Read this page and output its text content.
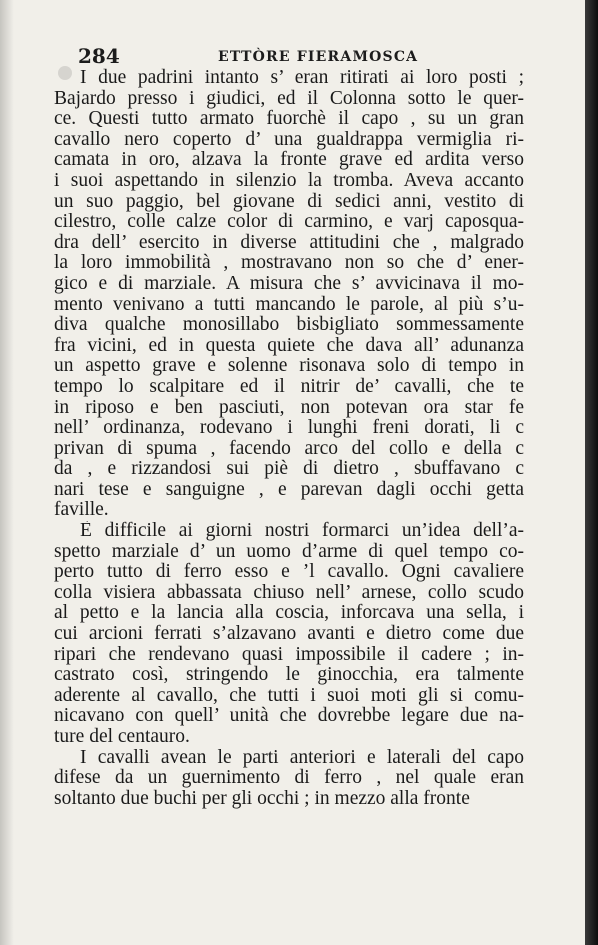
284	ETTÒRE FIERAMOSCA
I due padrini intanto s’ eran ritirati ai loro posti ;
Bajardo presso i giudici, ed il Colonna sotto le quer-
ce. Questi tutto armato fuorchè il capo , su un gran
cavallo nero coperto d’ una gualdrappa vermiglia ri-
camata in oro, alzava la fronte grave ed ardita verso
i suoi aspettando in silenzio la tromba. Aveva accanto
un suo paggio, bel giovane di sedici anni, vestito di
cilestro, colle calze color di carmino, e varj caposqua-
dra dell’ esercito in diverse attitudini che , malgrado
la loro immobilità , mostravano non so che d’ ener-
gico e di marziale. A misura che s’ avvicinava il mo-
mento venivano a tutti mancando le parole, al più s’u-
diva qualche monosillabo bisbigliato sommessamente
fra vicini, ed in questa quiete che dava all’ adunanza
un aspetto grave e solenne risonava solo di tempo in
tempo lo scalpitare ed il nitrir de’ cavalli, che te
in riposo e ben pasciuti, non potevan ora star fe
nell’ ordinanza, rodevano i lunghi freni dorati, li c
privan di spuma , facendo arco del collo e della c
da , e rizzandosi sui piè di dietro , sbuffavano c
nari tese e sanguigne , e parevan dagli occhi getta
faville.
È difficile ai giorni nostri formarci un’idea dell’a-
spetto marziale d’ un uomo d’arme di quel tempo co-
perto tutto di ferro esso e ’l cavallo. Ogni cavaliere
colla visiera abbassata chiuso nell’ arnese, collo scudo
al petto e la lancia alla coscia, inforcava una sella, i
cui arcioni ferrati s’alzavano avanti e dietro come due
ripari che rendevano quasi impossibile il cadere ; in-
castrato così, stringendo le ginocchia, era talmente
aderente al cavallo, che tutti i suoi moti gli si comu-
nicavano con quell’ unità che dovrebbe legare due na-
ture del centauro.
I cavalli avean le parti anteriori e laterali del capo
difese da un guernimento di ferro , nel quale eran
soltanto due buchi per gli occhi ; in mezzo alla fronte
